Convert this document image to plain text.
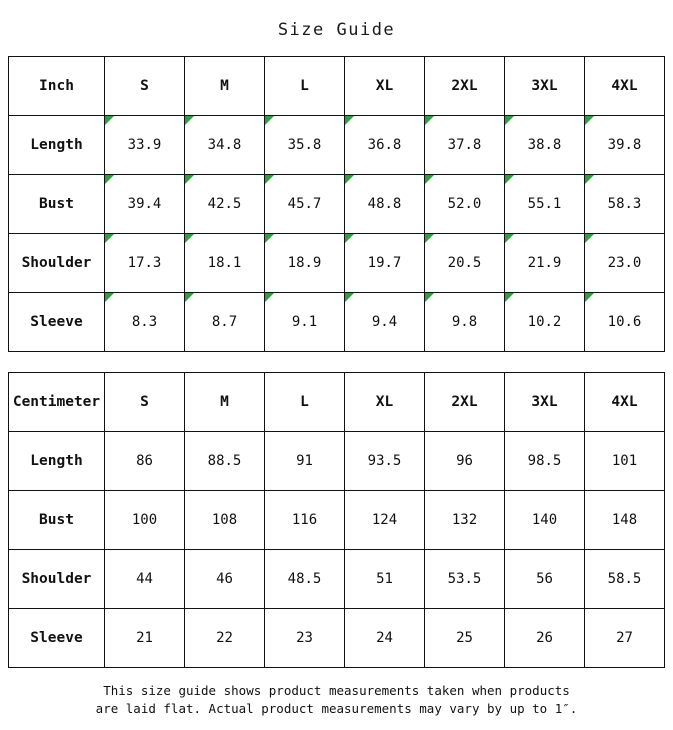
Size Guide
Inch	S	M	L	XL	2XL	3XL	4XL
Length	33.9	34.8	35.8	36.8	37.8	38.8	39.8
Bust	39.4	42.5	45.7	48.8	52.0	55.1	58.3
Shoulder	17.3	18.1	18.9	19.7	20.5	21.9	23.0
Sleeve	8.3	8.7	9.1	9.4	9.8	10.2	10.6
Centimeter	S	M	L	XL	2XL	3XL	4XL
Length	86	88.5	91	93.5	96	98.5	101
Bust	100	108	116	124	132	140	148
Shoulder	44	46	48.5	51	53.5	56	58.5
Sleeve	21	22	23	24	25	26	27
This size guide shows product measurements taken when products
are laid flat. Actual product measurements may vary by up to 1″.
